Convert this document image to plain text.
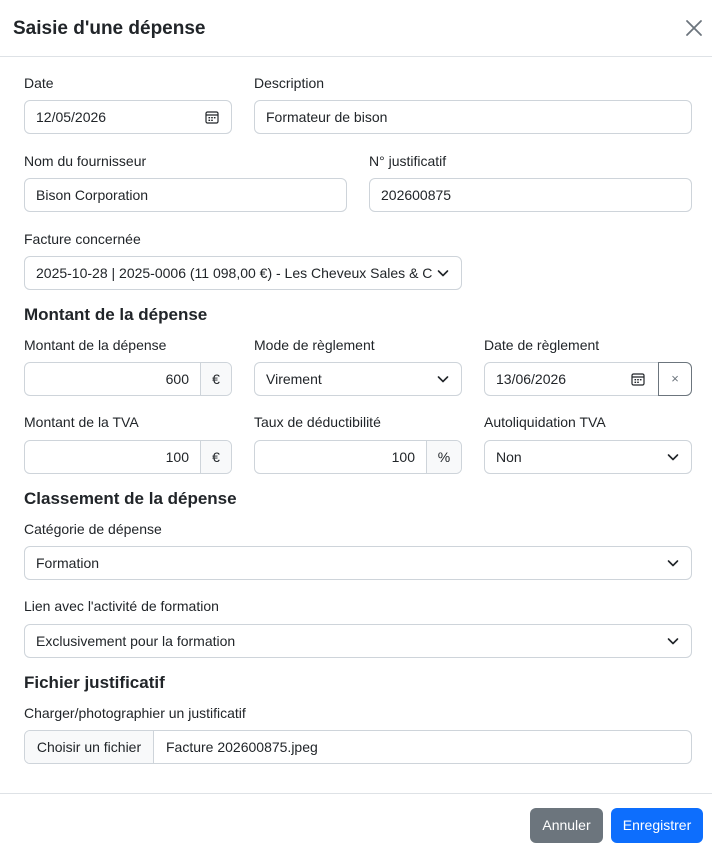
Saisie d'une dépense
Date
12/05/2026
Description
Formateur de bison
Nom du fournisseur
Bison Corporation
N° justificatif
202600875
Facture concernée
2025-10-28 | 2025-0006 (11 098,00 €) - Les Cheveux Sales & C
Montant de la dépense
Montant de la dépense
600	€
Mode de règlement
Virement
Date de règlement
13/06/2026	×
Montant de la TVA
100	€
Taux de déductibilité
100	%
Autoliquidation TVA
Non
Classement de la dépense
Catégorie de dépense
Formation
Lien avec l'activité de formation
Exclusivement pour la formation
Fichier justificatif
Charger/photographier un justificatif
Choisir un fichier	Facture 202600875.jpeg
Annuler	Enregistrer
